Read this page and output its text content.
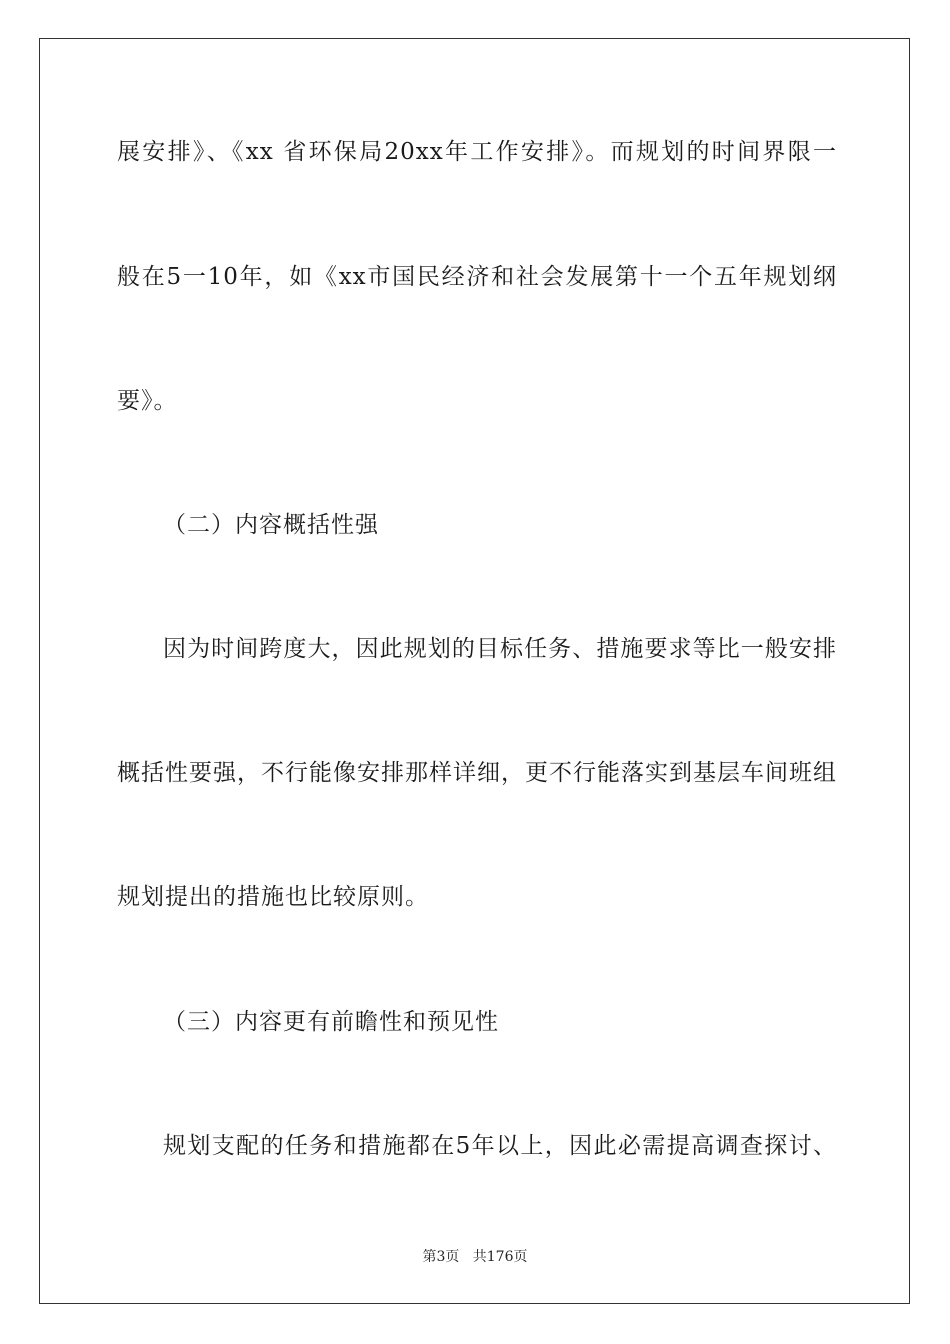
展安排》、《xx 省环保局20xx年工作安排》。而规划的时间界限一
般在5一10年，如《xx市国民经济和社会发展第十一个五年规划纲
要》。
（二）内容概括性强
因为时间跨度大，因此规划的目标任务、措施要求等比一般安排
概括性要强，不行能像安排那样详细，更不行能落实到基层车间班组
规划提出的措施也比较原则。
（三）内容更有前瞻性和预见性
规划支配的任务和措施都在5年以上，因此必需提高调查探讨、
第3页 共176页
